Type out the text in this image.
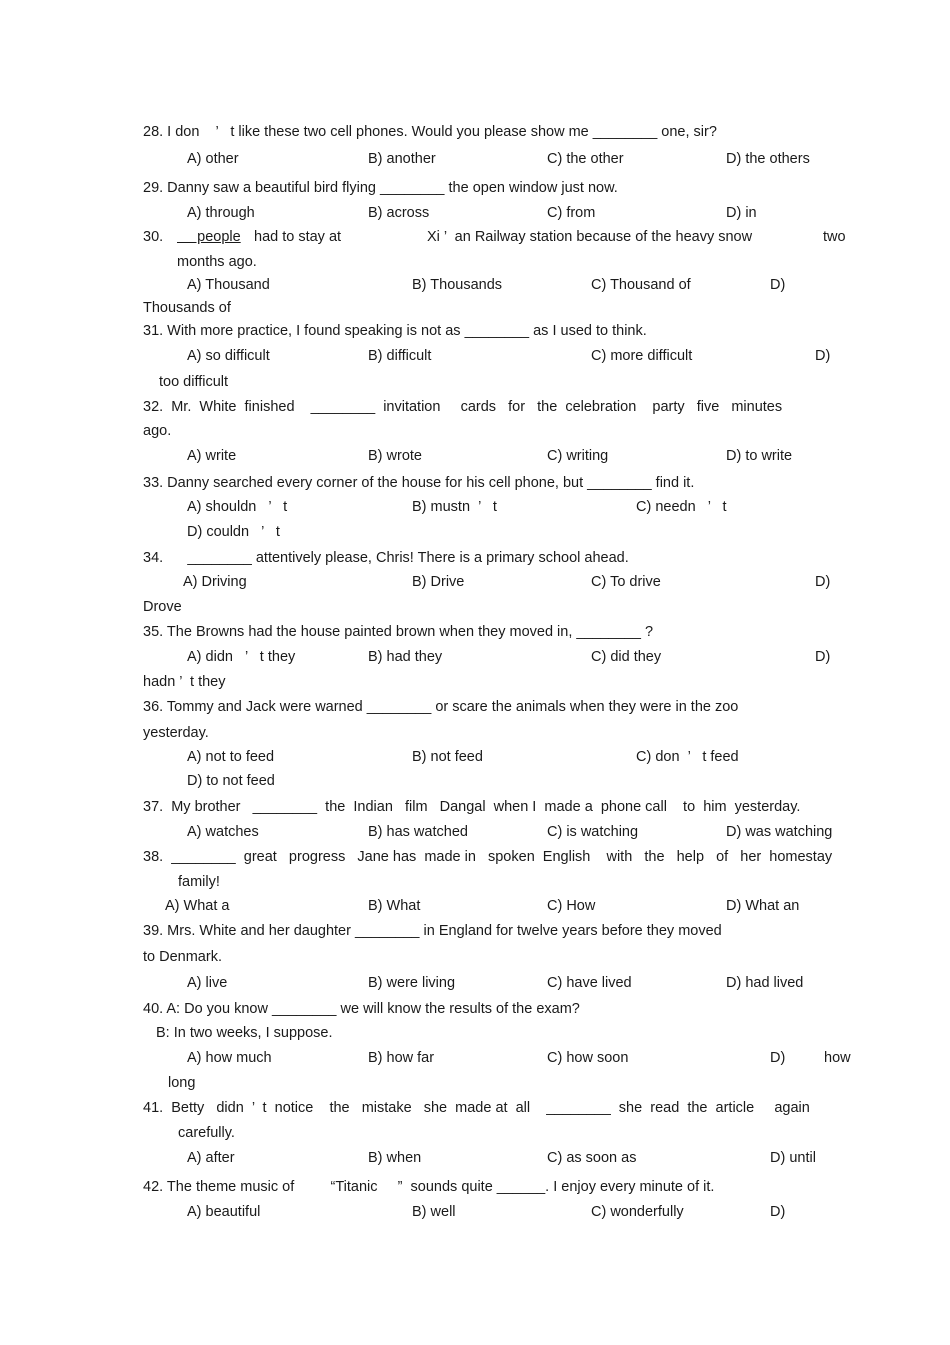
28. I don    ’   t like these two cell phones. Would you please show me ________ one, sir?
A) other	B) another	C) the other	D) the others
29. Danny saw a beautiful bird flying ________ the open window just now.
A) through	B) across	C) from	D) in
30. people had to stay at	Xi ’  an Railway station because of the heavy snow	two
months ago.
A) Thousand	B) Thousands	C) Thousand of	D)
Thousands of
31. With more practice, I found speaking is not as ________ as I used to think.
A) so difficult	B) difficult	C) more difficult	D)
too difficult
32.  Mr.  White  finished    ________  invitation     cards   for   the  celebration    party   five   minutes
ago.
A) write	B) wrote	C) writing	D) to write
33. Danny searched every corner of the house for his cell phone, but ________ find it.
A) shouldn   ’   t	B) mustn  ’   t	C) needn   ’   t
D) couldn   ’   t
34.      ________ attentively please, Chris! There is a primary school ahead.
A) Driving	B) Drive	C) To drive	D)
Drove
35. The Browns had the house painted brown when they moved in, ________ ?
A) didn   ’   t they	B) had they	C) did they	D)
hadn ’  t they
36. Tommy and Jack were warned ________ or scare the animals when they were in the zoo
yesterday.
A) not to feed	B) not feed	C) don  ’   t feed
D) to not feed
37.  My brother   ________  the  Indian   film   Dangal  when I  made a  phone call    to  him  yesterday.
A) watches	B) has watched	C) is watching	D) was watching
38.  ________  great   progress   Jane has  made in   spoken  English    with   the   help   of   her  homestay
family!
A) What a	B) What	C) How	D) What an
39. Mrs. White and her daughter ________ in England for twelve years before they moved
to Denmark.
A) live	B) were living	C) have lived	D) had lived
40. A: Do you know ________ we will know the results of the exam?
B: In two weeks, I suppose.
A) how much	B) how far	C) how soon	D)	how
long
41.  Betty   didn  ’  t  notice    the   mistake   she  made at  all    ________  she  read  the  article     again
carefully.
A) after	B) when	C) as soon as	D) until
42. The theme music of         “Titanic     ”  sounds quite ______. I enjoy every minute of it.
A) beautiful	B) well	C) wonderfully	D)
